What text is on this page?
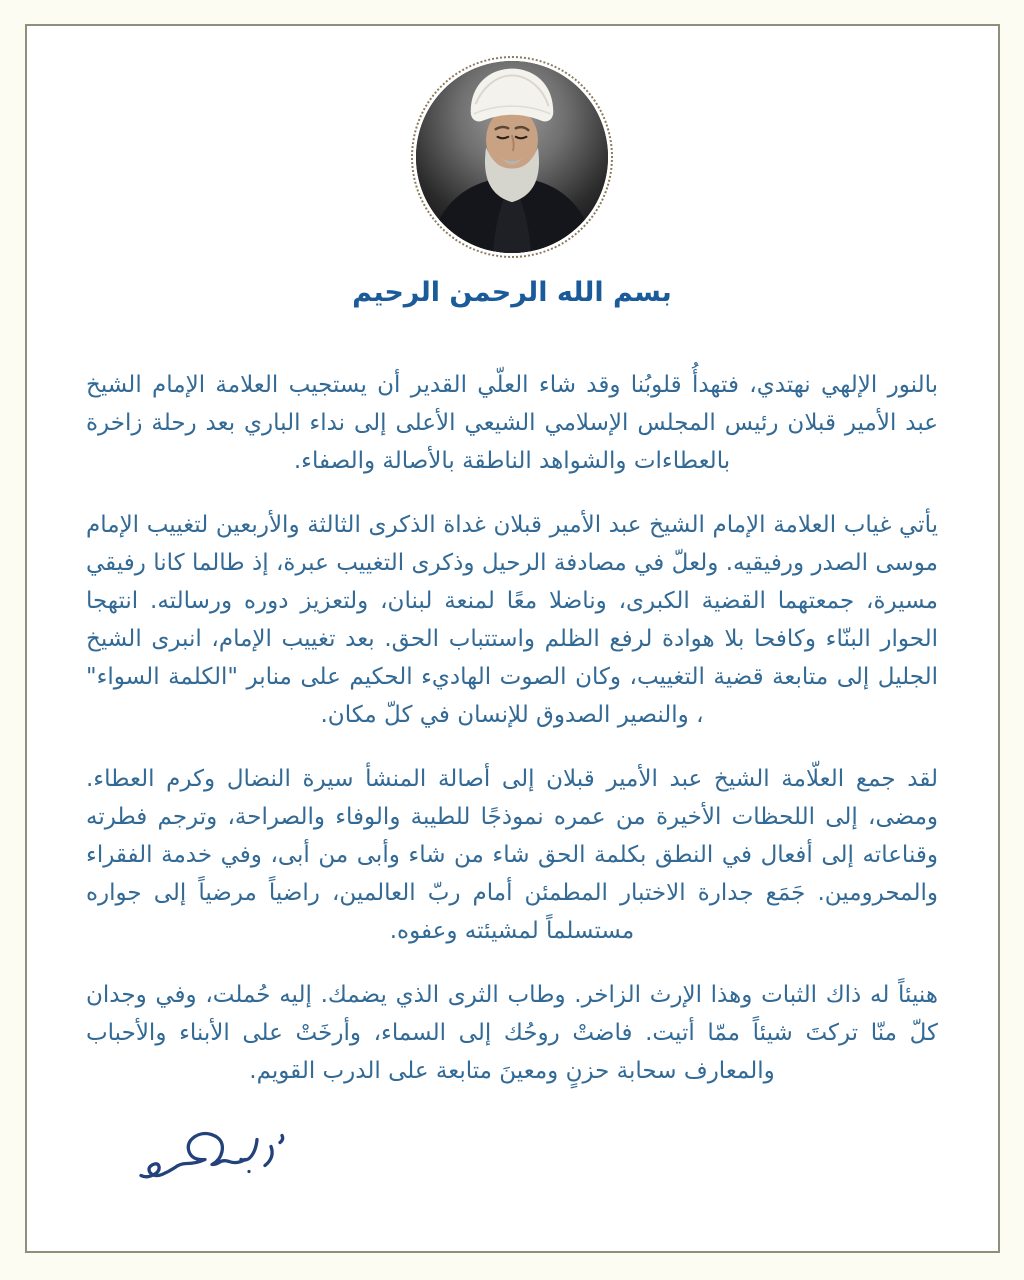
بسم الله الرحمن الرحيم

بالنور الإلهي نهتدي، فتهدأُ قلوبُنا وقد شاء العلّي القدير أن يستجيب العلامة الإمام الشيخ عبد الأمير قبلان رئيس المجلس الإسلامي الشيعي الأعلى إلى نداء الباري بعد رحلة زاخرة بالعطاءات والشواهد الناطقة بالأصالة والصفاء.

يأتي غياب العلامة الإمام الشيخ عبد الأمير قبلان غداة الذكرى الثالثة والأربعين لتغييب الإمام موسى الصدر ورفيقيه. ولعلّ في مصادفة الرحيل وذكرى التغييب عبرة، إذ طالما كانا رفيقي مسيرة، جمعتهما القضية الكبرى، وناضلا معًا لمنعة لبنان، ولتعزيز دوره ورسالته. انتهجا الحوار البنّاء وكافحا بلا هوادة لرفع الظلم واستتباب الحق. بعد تغييب الإمام، انبرى الشيخ الجليل إلى متابعة قضية التغييب، وكان الصوت الهاديء الحكيم على منابر "الكلمة السواء" ، والنصير الصدوق للإنسان في كلّ مكان.

لقد جمع العلّامة الشيخ عبد الأمير قبلان إلى أصالة المنشأ سيرة النضال وكرم العطاء. ومضى، إلى اللحظات الأخيرة من عمره نموذجًا للطيبة والوفاء والصراحة، وترجم فطرته وقناعاته إلى أفعال في النطق بكلمة الحق شاء من شاء وأبى من أبى، وفي خدمة الفقراء والمحرومين. جَمَع جدارة الاختبار المطمئن أمام ربّ العالمين، راضياً مرضياً إلى جواره مستسلماً لمشيئته وعفوه.

هنيئاً له ذاك الثبات وهذا الإرث الزاخر. وطاب الثرى الذي يضمك. إليه حُملت، وفي وجدان كلّ منّا تركتَ شيئاً ممّا أتيت. فاضتْ روحُك إلى السماء، وأرخَتْ على الأبناء والأحباب والمعارف سحابة حزنٍ ومعينَ متابعة على الدرب القويم.
